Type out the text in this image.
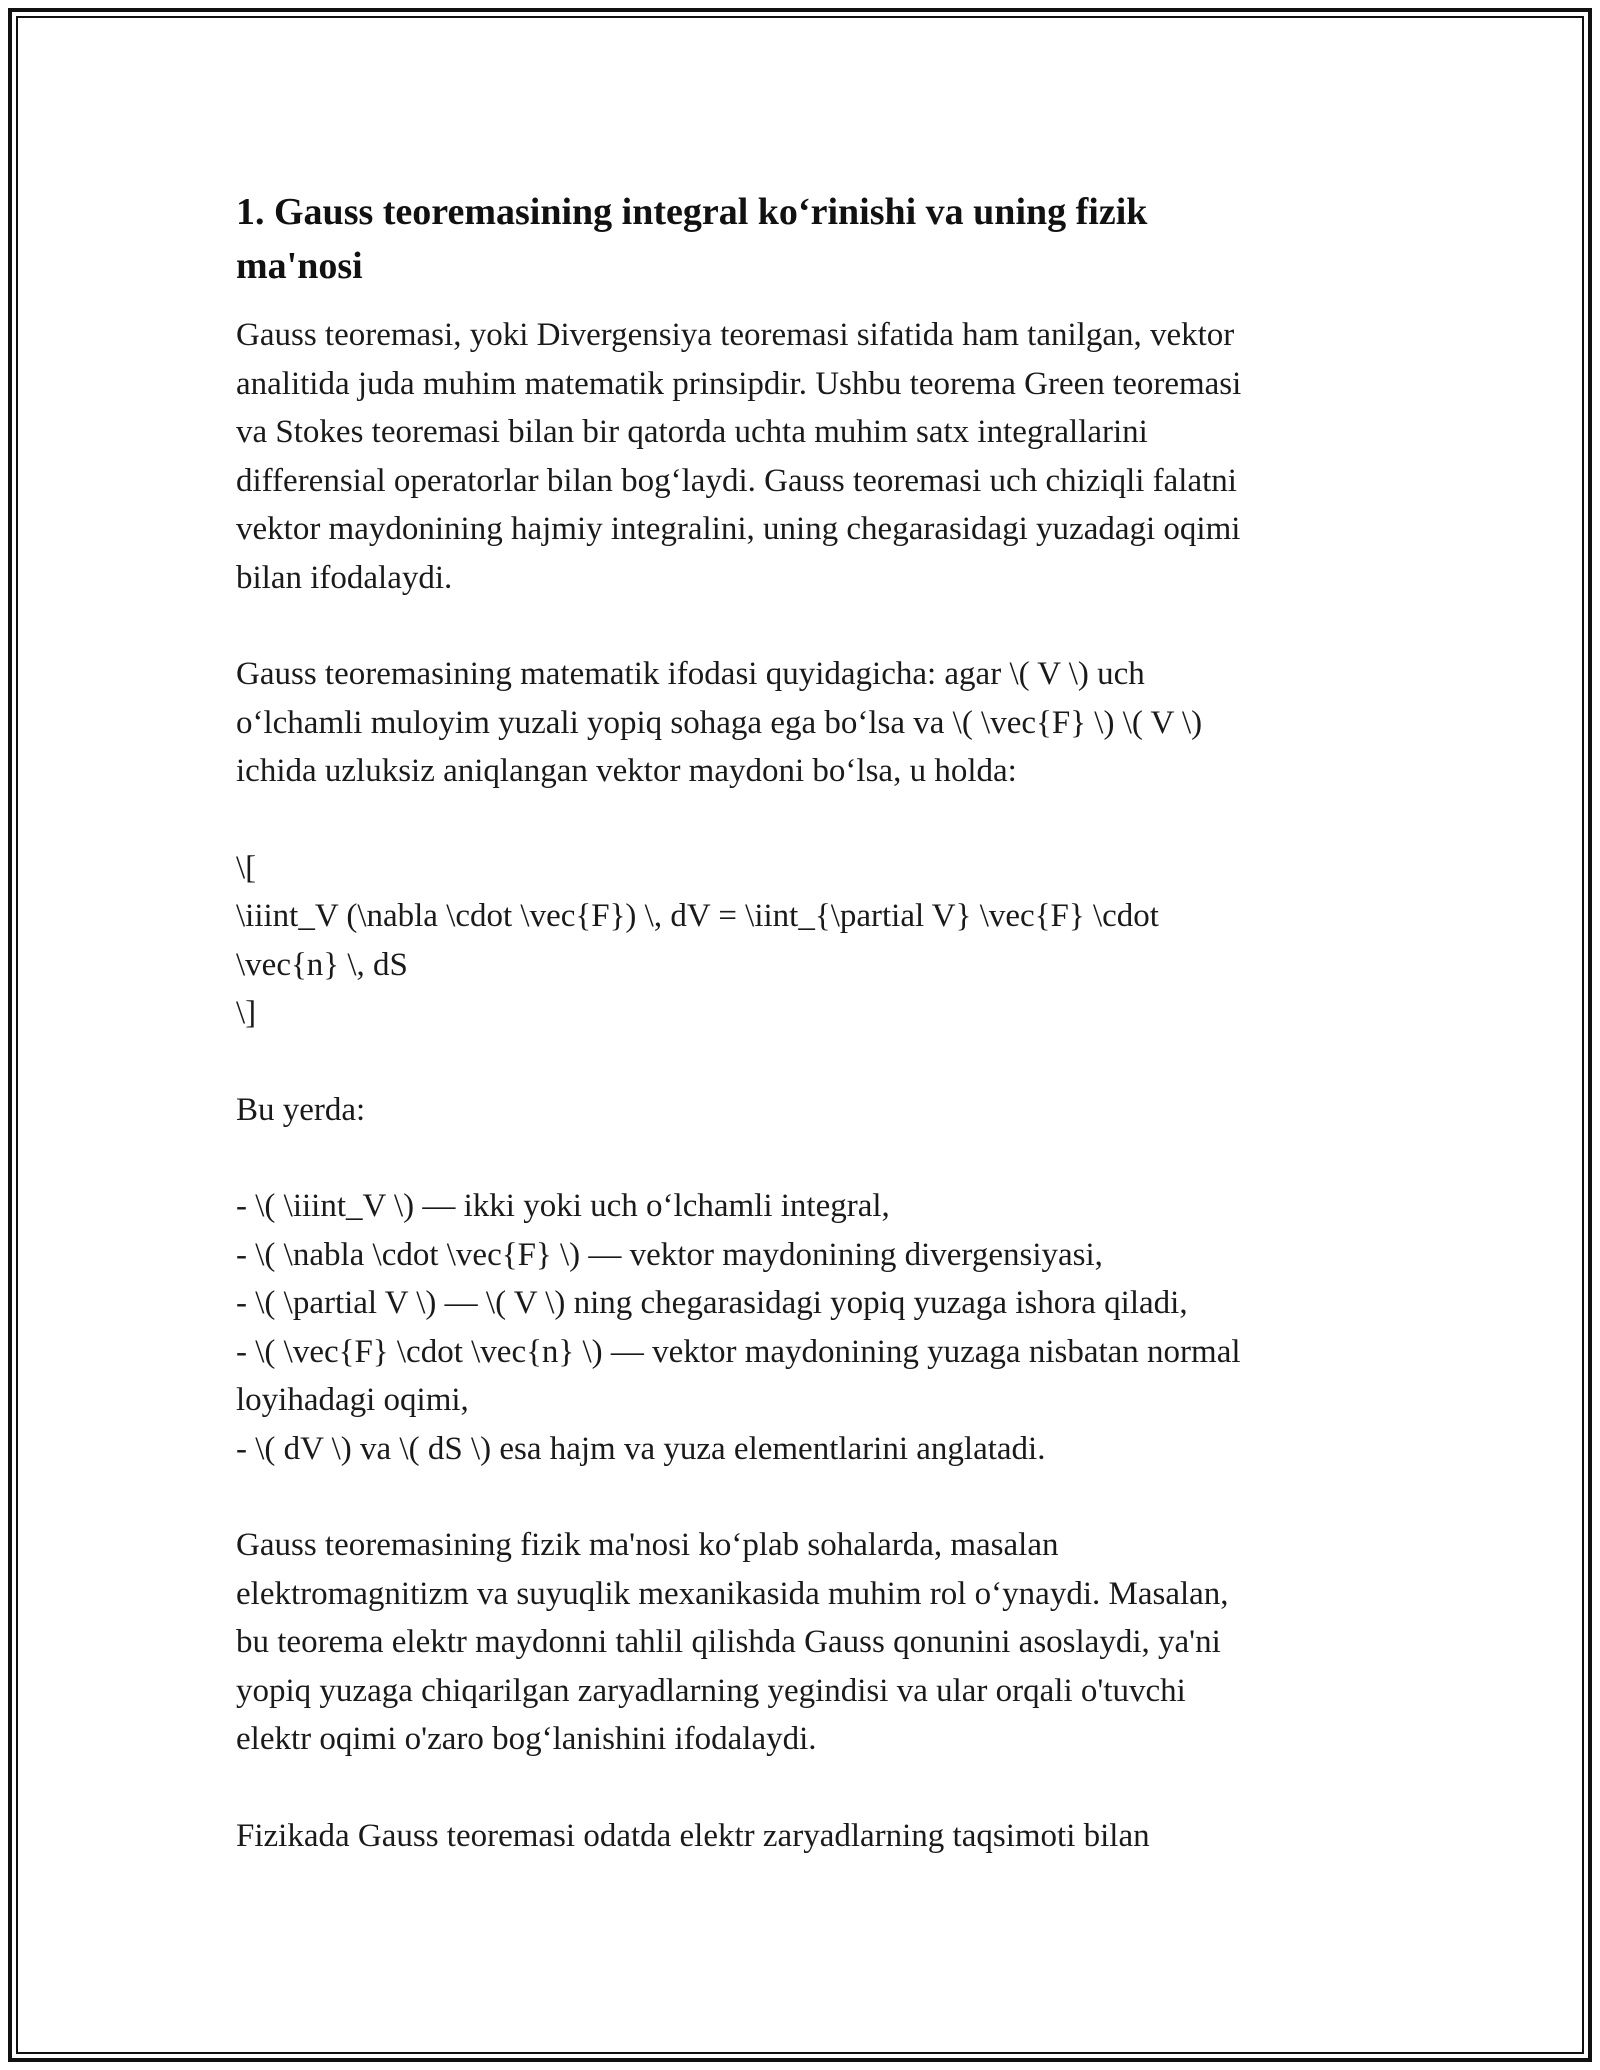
1. Gauss teoremasining integral ko‘rinishi va uning fizik ma'nosi

Gauss teoremasi, yoki Divergensiya teoremasi sifatida ham tanilgan, vektor
analitida juda muhim matematik prinsipdir. Ushbu teorema Green teoremasi
va Stokes teoremasi bilan bir qatorda uchta muhim satx integrallarini
differensial operatorlar bilan bog‘laydi. Gauss teoremasi uch chiziqli falatni
vektor maydonining hajmiy integralini, uning chegarasidagi yuzadagi oqimi
bilan ifodalaydi.

Gauss teoremasining matematik ifodasi quyidagicha: agar \( V \) uch
o‘lchamli muloyim yuzali yopiq sohaga ega bo‘lsa va \( \vec{F} \) \( V \)
ichida uzluksiz aniqlangan vektor maydoni bo‘lsa, u holda:

\[
\iiint_V (\nabla \cdot \vec{F}) \, dV = \iint_{\partial V} \vec{F} \cdot
\vec{n} \, dS
\]

Bu yerda:

- \( \iiint_V \) — ikki yoki uch o‘lchamli integral,
- \( \nabla \cdot \vec{F} \) — vektor maydonining divergensiyasi,
- \( \partial V \) — \( V \) ning chegarasidagi yopiq yuzaga ishora qiladi,
- \( \vec{F} \cdot \vec{n} \) — vektor maydonining yuzaga nisbatan normal loyihadagi oqimi,
- \( dV \) va \( dS \) esa hajm va yuza elementlarini anglatadi.

Gauss teoremasining fizik ma'nosi ko‘plab sohalarda, masalan
elektromagnitizm va suyuqlik mexanikasida muhim rol o‘ynaydi. Masalan,
bu teorema elektr maydonni tahlil qilishda Gauss qonunini asoslaydi, ya'ni
yopiq yuzaga chiqarilgan zaryadlarning yegindisi va ular orqali o'tuvchi
elektr oqimi o'zaro bog‘lanishini ifodalaydi.

Fizikada Gauss teoremasi odatda elektr zaryadlarning taqsimoti bilan
